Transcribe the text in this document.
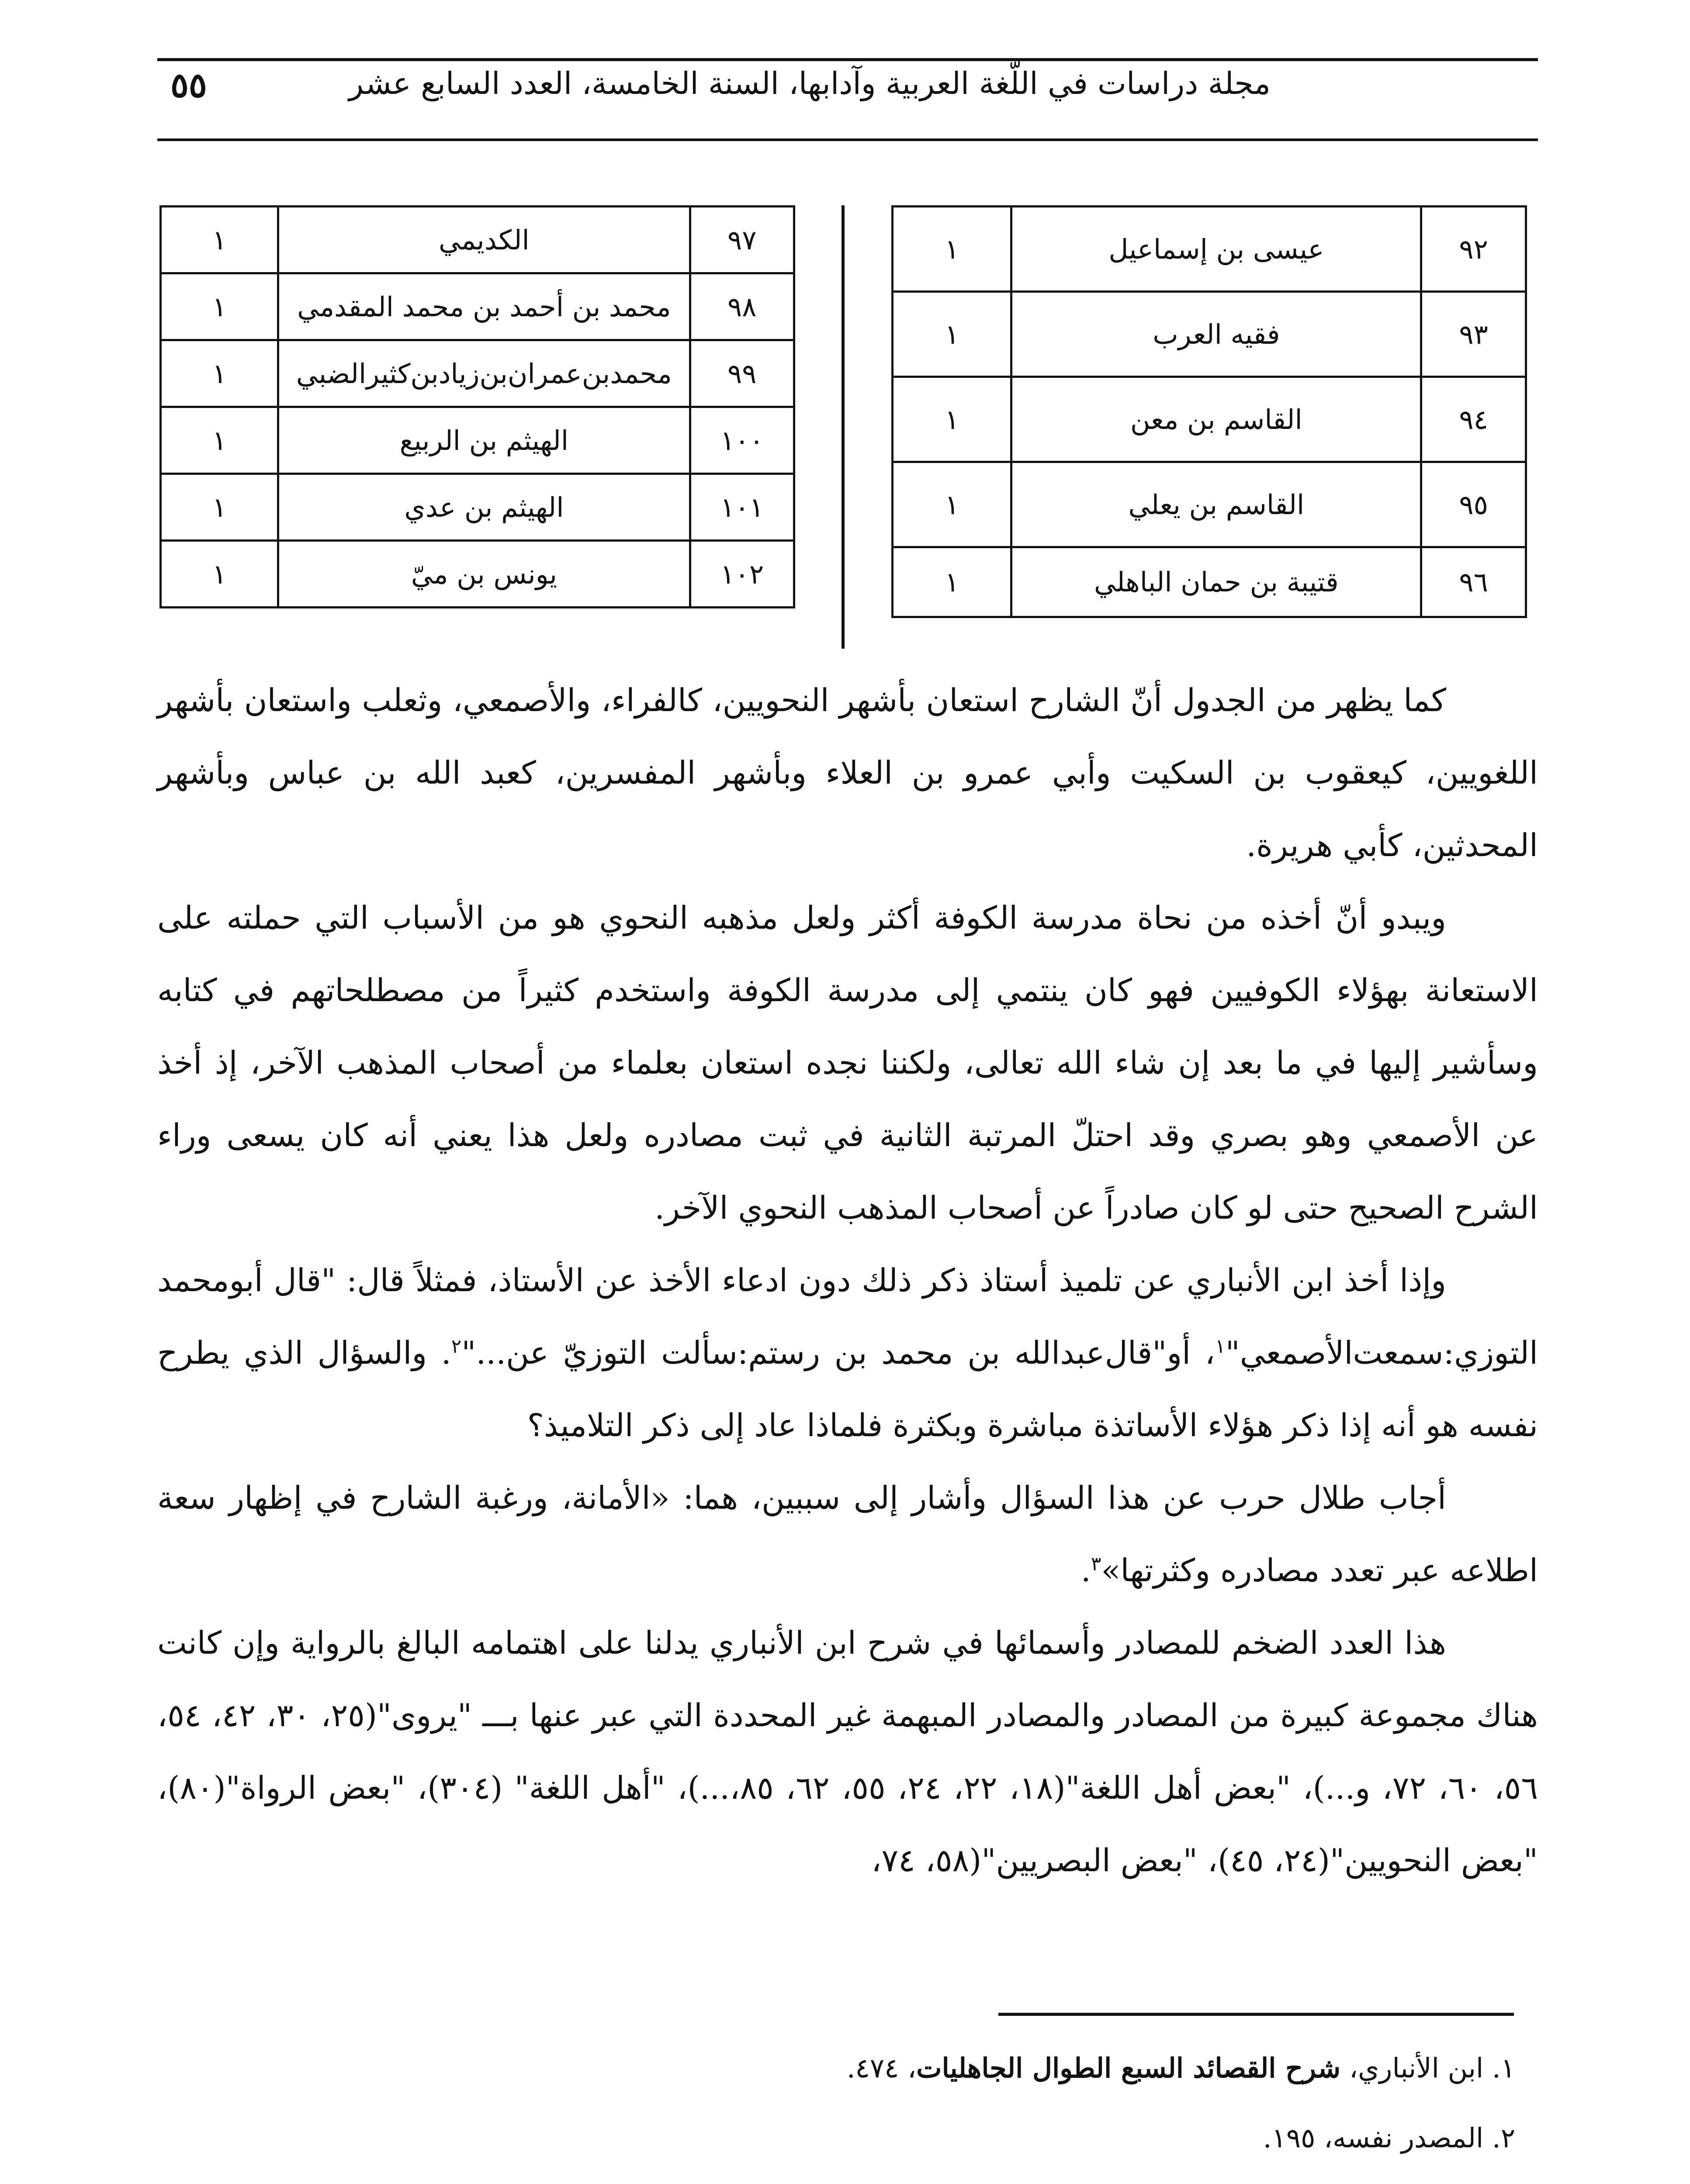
مجلة دراسات في اللّغة العربية وآدابها، السنة الخامسة، العدد السابع عشر
٥٥
٩٢	عيسى بن إسماعيل	١
٩٣	فقيه العرب	١
٩٤	القاسم بن معن	١
٩٥	القاسم بن يعلي	١
٩٦	قتيبة بن حمان الباهلي	١
٩٧	الكديمي	١
٩٨	محمد بن أحمد بن محمد المقدمي	١
٩٩	محمدبن‌عمران‌بن‌زيادبن‌كثيرالضبي	١
١٠٠	الهيثم بن الربيع	١
١٠١	الهيثم بن عدي	١
١٠٢	يونس بن ميّ	١

كما يظهر من الجدول أنّ الشارح استعان بأشهر النحويين، كالفراء، والأصمعي، وثعلب واستعان بأشهر اللغويين، كيعقوب بن السكيت وأبي عمرو بن العلاء وبأشهر المفسرين، كعبد الله بن عباس وبأشهر المحدثين، كأبي هريرة.

ويبدو أنّ أخذه من نحاة مدرسة الكوفة أكثر ولعل مذهبه النحوي هو من الأسباب التي حملته على الاستعانة بهؤلاء الكوفيين فهو كان ينتمي إلى مدرسة الكوفة واستخدم كثيراً من مصطلحاتهم في كتابه وسأشير إليها في ما بعد إن شاء الله تعالى، ولكننا نجده استعان بعلماء من أصحاب المذهب الآخر، إذ أخذ عن الأصمعي وهو بصري وقد احتلّ المرتبة الثانية في ثبت مصادره ولعل هذا يعني أنه كان يسعى وراء الشرح الصحيح حتى لو كان صادراً عن أصحاب المذهب النحوي الآخر.

وإذا أخذ ابن الأنباري عن تلميذ أستاذ ذكر ذلك دون ادعاء الأخذ عن الأستاذ، فمثلاً قال: "قال أبومحمد التوزي:سمعت‌الأصمعي"$^١$، أو"قال‌عبدالله بن محمد بن رستم:سألت التوزيّ عن..."$^٢$. والسؤال الذي يطرح نفسه هو أنه إذا ذكر هؤلاء الأساتذة مباشرة وبكثرة فلماذا عاد إلى ذكر التلاميذ؟

أجاب طلال حرب عن هذا السؤال وأشار إلى سببين، هما: «الأمانة، ورغبة الشارح في إظهار سعة اطلاعه عبر تعدد مصادره وكثرتها»$^٣$.

هذا العدد الضخم للمصادر وأسمائها في شرح ابن الأنباري يدلنا على اهتمامه البالغ بالرواية وإن كانت هناك مجموعة كبيرة من المصادر والمصادر المبهمة غير المحددة التي عبر عنها بـــ "يروى"(٢٥، ٣٠، ٤٢، ٥٤، ٥٦، ٦٠، ٧٢، و...)، "بعض أهل اللغة"(١٨، ٢٢، ٢٤، ٥٥، ٦٢، ٨٥،...)، "أهل اللغة" (٣٠٤)، "بعض الرواة"(٨٠)، "بعض النحويين"(٢٤، ٤٥)، "بعض البصريين"(٥٨، ٧٤،

١. ابن الأنباري، شرح القصائد السبع الطوال الجاهليات، ٤٧٤.
٢. المصدر نفسه، ١٩٥.
